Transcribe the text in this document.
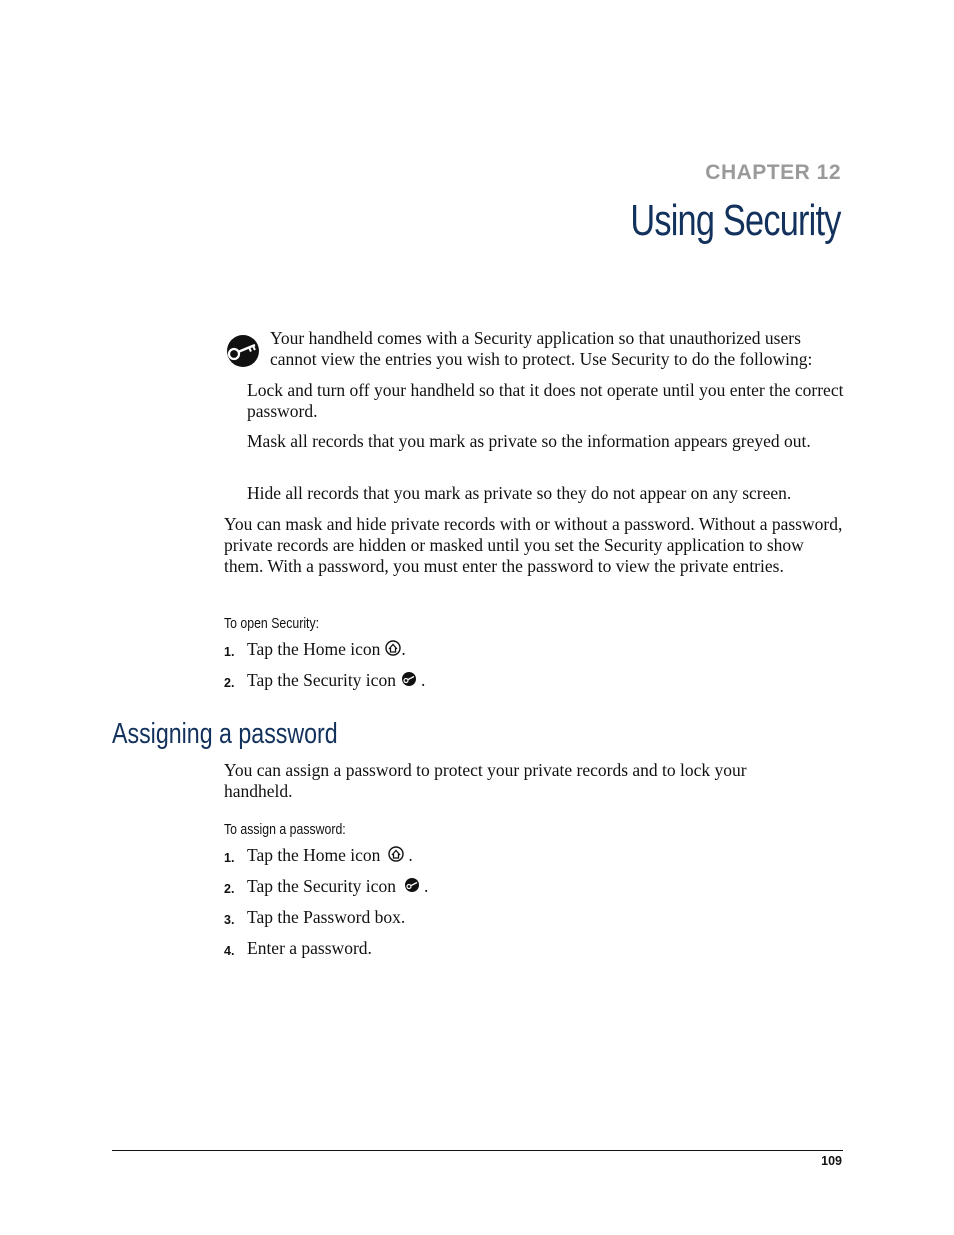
CHAPTER 12
Using Security
Your handheld comes with a Security application so that unauthorized users cannot view the entries you wish to protect. Use Security to do the following:
Lock and turn off your handheld so that it does not operate until you enter the correct password.
Mask all records that you mark as private so the information appears greyed out.
Hide all records that you mark as private so they do not appear on any screen.
You can mask and hide private records with or without a password. Without a password, private records are hidden or masked until you set the Security application to show them. With a password, you must enter the password to view the private entries.
To open Security:
1. Tap the Home icon .
2. Tap the Security icon .
Assigning a password
You can assign a password to protect your private records and to lock your handheld.
To assign a password:
1. Tap the Home icon .
2. Tap the Security icon .
3. Tap the Password box.
4. Enter a password.
109
